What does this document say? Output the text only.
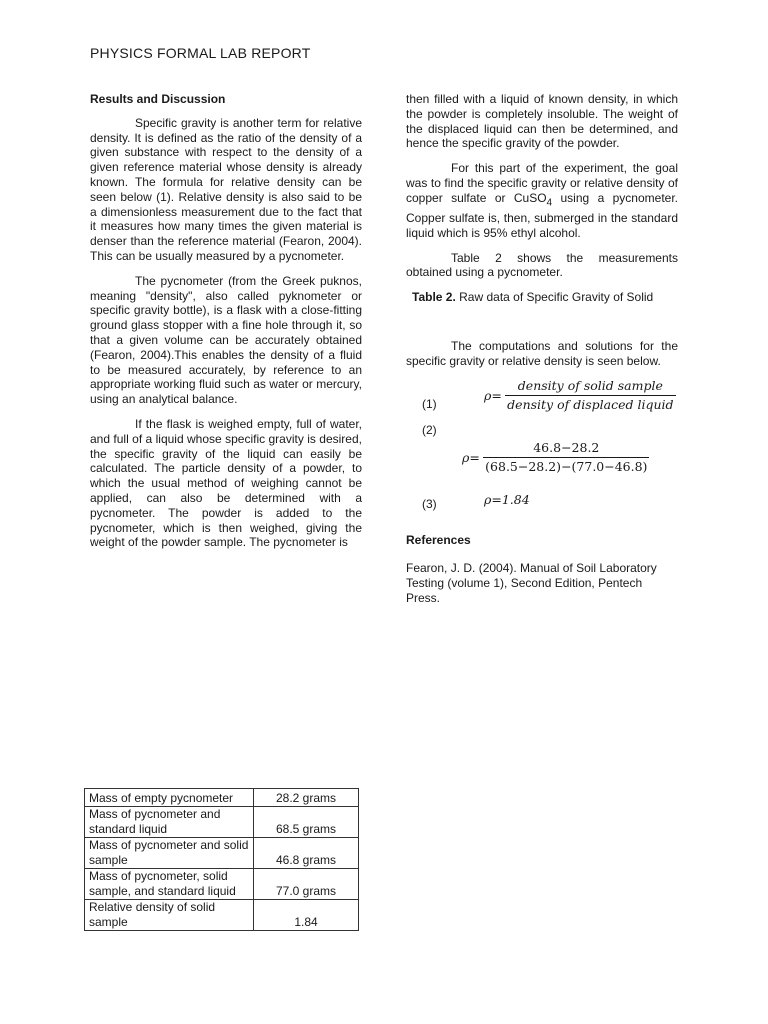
PHYSICS FORMAL LAB REPORT
Results and Discussion

Specific gravity is another term for relative density. It is defined as the ratio of the density of a given substance with respect to the density of a given reference material whose density is already known. The formula for relative density can be seen below (1). Relative density is also said to be a dimensionless measurement due to the fact that it measures how many times the given material is denser than the reference material (Fearon, 2004). This can be usually measured by a pycnometer.

The pycnometer (from the Greek puknos, meaning "density", also called pyknometer or specific gravity bottle), is a flask with a close-fitting ground glass stopper with a fine hole through it, so that a given volume can be accurately obtained (Fearon, 2004).This enables the density of a fluid to be measured accurately, by reference to an appropriate working fluid such as water or mercury, using an analytical balance.

If the flask is weighed empty, full of water, and full of a liquid whose specific gravity is desired, the specific gravity of the liquid can easily be calculated. The particle density of a powder, to which the usual method of weighing cannot be applied, can also be determined with a pycnometer. The powder is added to the pycnometer, which is then weighed, giving the weight of the powder sample. The pycnometer is

then filled with a liquid of known density, in which the powder is completely insoluble. The weight of the displaced liquid can then be determined, and hence the specific gravity of the powder.

For this part of the experiment, the goal was to find the specific gravity or relative density of copper sulfate or CuSO$_4$ using a pycnometer. Copper sulfate is, then, submerged in the standard liquid which is 95% ethyl alcohol.

Table 2 shows the measurements obtained using a pycnometer.

Table 2. Raw data of Specific Gravity of Solid

The computations and solutions for the specific gravity or relative density is seen below.

(1)
$\rho= \frac{\text{density of solid sample}}{\text{density of displaced liquid}}$
(2)
$\rho= \frac{46.8-28.2}{(68.5-28.2)-(77.0-46.8)}$
(3)	ρ=1.84
References
Fearon, J. D. (2004). Manual of Soil Laboratory Testing (volume 1), Second Edition, Pentech Press.
Mass of empty pycnometer	28.2 grams
Mass of pycnometer and standard liquid	68.5 grams
Mass of pycnometer and solid sample	46.8 grams
Mass of pycnometer, solid sample, and standard liquid	77.0 grams
Relative density of solid sample	1.84
